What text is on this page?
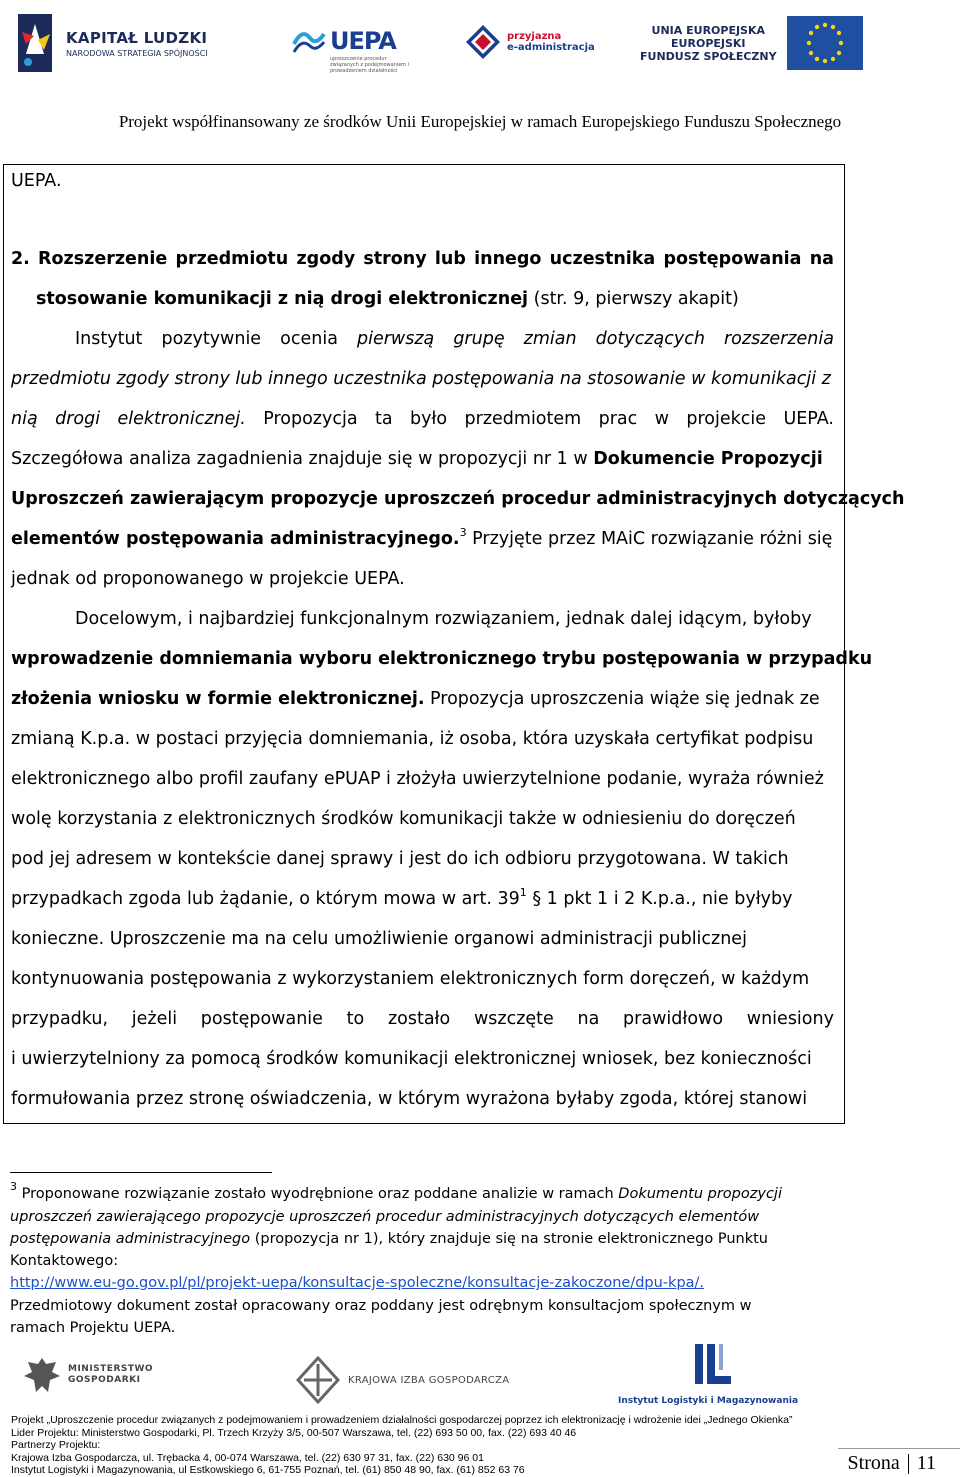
KAPITAŁ LUDZKI
NARODOWA STRATEGIA SPÓJNOŚCI	UEPA
uproszczenie procedur związanych z podejmowaniem i prowadzeniem działalności
przyjazna
e-administracja
UNIA EUROPEJSKA
EUROPEJSKI
FUNDUSZ SPOŁECZNY
Projekt współfinansowany ze środków Unii Europejskiej w ramach Europejskiego Funduszu Społecznego
UEPA.
2. Rozszerzenie przedmiotu zgody strony lub innego uczestnika postępowania na
stosowanie komunikacji z nią drogi elektronicznej (str. 9, pierwszy akapit)
Instytut pozytywnie ocenia pierwszą grupę zmian dotyczących rozszerzenia
przedmiotu zgody strony lub innego uczestnika postępowania na stosowanie w komunikacji z
nią drogi elektronicznej. Propozycja ta było przedmiotem prac w projekcie UEPA.
Szczegółowa analiza zagadnienia znajduje się w propozycji nr 1 w Dokumencie Propozycji
Uproszczeń zawierającym propozycje uproszczeń procedur administracyjnych dotyczących
elementów postępowania administracyjnego.$^3$ Przyjęte przez MAiC rozwiązanie różni się
jednak od proponowanego w projekcie UEPA.
Docelowym, i najbardziej funkcjonalnym rozwiązaniem, jednak dalej idącym, byłoby
wprowadzenie domniemania wyboru elektronicznego trybu postępowania w przypadku
złożenia wniosku w formie elektronicznej. Propozycja uproszczenia wiąże się jednak ze
zmianą K.p.a. w postaci przyjęcia domniemania, iż osoba, która uzyskała certyfikat podpisu
elektronicznego albo profil zaufany ePUAP i złożyła uwierzytelnione podanie, wyraża również
wolę korzystania z elektronicznych środków komunikacji także w odniesieniu do doręczeń
pod jej adresem w kontekście danej sprawy i jest do ich odbioru przygotowana. W takich
przypadkach zgoda lub żądanie, o którym mowa w art. $39^1$ § 1 pkt 1 i 2 K.p.a., nie byłyby
konieczne. Uproszczenie ma na celu umożliwienie organowi administracji publicznej
kontynuowania postępowania z wykorzystaniem elektronicznych form doręczeń, w każdym
przypadku, jeżeli postępowanie to zostało wszczęte na prawidłowo wniesiony
i uwierzytelniony za pomocą środków komunikacji elektronicznej wniosek, bez konieczności
formułowania przez stronę oświadczenia, w którym wyrażona byłaby zgoda, której stanowi
$^3$ Proponowane rozwiązanie zostało wyodrębnione oraz poddane analizie w ramach Dokumentu propozycji
uproszczeń zawierającego propozycje uproszczeń procedur administracyjnych dotyczących elementów
postępowania administracyjnego (propozycja nr 1), który znajduje się na stronie elektronicznego Punktu
Kontaktowego:
http://www.eu-go.gov.pl/pl/projekt-uepa/konsultacje-spoleczne/konsultacje-zakoczone/dpu-kpa/.
Przedmiotowy dokument został opracowany oraz poddany jest odrębnym konsultacjom społecznym w
ramach Projektu UEPA.
MINISTERSTWO
GOSPODARKI	KRAJOWA IZBA GOSPODARCZA
Instytut Logistyki i Magazynowania
Projekt „Uproszczenie procedur związanych z podejmowaniem i prowadzeniem działalności gospodarczej poprzez ich elektronizację i wdrożenie idei „Jednego Okienka”
Lider Projektu: Ministerstwo Gospodarki, Pl. Trzech Krzyży 3/5, 00-507 Warszawa, tel. (22) 693 50 00, fax. (22) 693 40 46
Partnerzy Projektu:
Krajowa Izba Gospodarcza, ul. Trębacka 4, 00-074 Warszawa, tel. (22) 630 97 31, fax. (22) 630 96 01
Instytut Logistyki i Magazynowania, ul Estkowskiego 6, 61-755 Poznań, tel. (61) 850 48 90, fax. (61) 852 63 76	Strona 11
